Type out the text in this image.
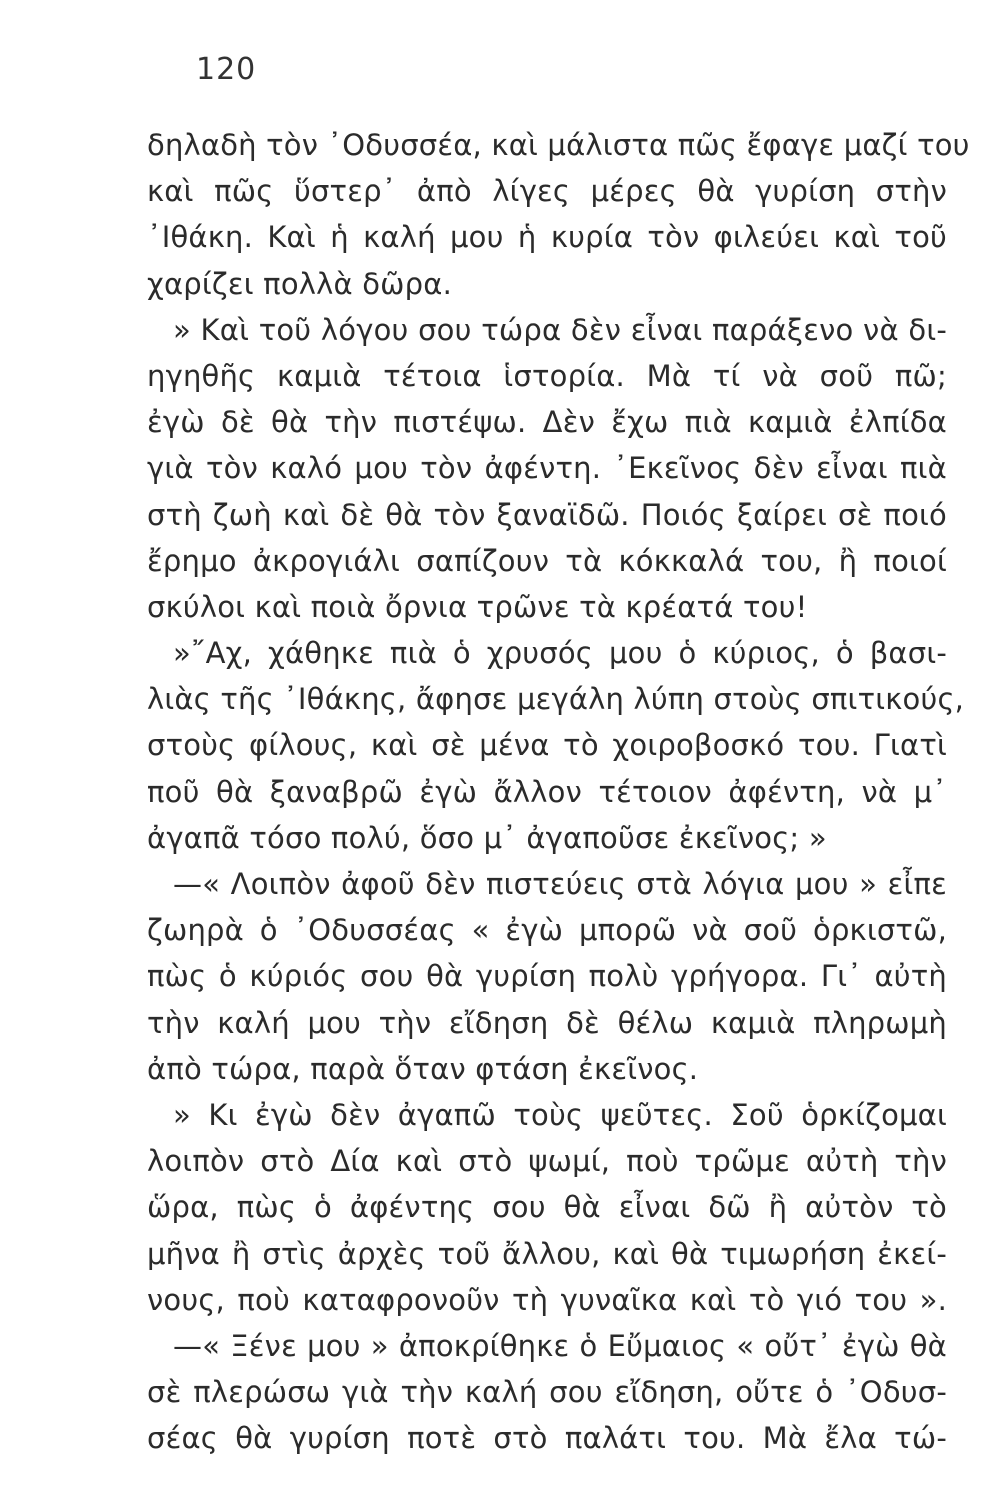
120
δηλαδὴ τὸν ᾿Οδυσσέα, καὶ μάλιστα πῶς ἔφαγε μαζί του
καὶ πῶς ὕστερ᾿ ἀπὸ λίγες μέρες θὰ γυρίση στὴν
᾿Ιθάκη. Καὶ ἡ καλή μου ἡ κυρία τὸν φιλεύει καὶ τοῦ
χαρίζει πολλὰ δῶρα.
» Καὶ τοῦ λόγου σου τώρα δὲν εἶναι παράξενο νὰ δι-
ηγηθῆς καμιὰ τέτοια ἱστορία. Μὰ τί νὰ σοῦ πῶ;
ἐγὼ δὲ θὰ τὴν πιστέψω. Δὲν ἔχω πιὰ καμιὰ ἐλπίδα
γιὰ τὸν καλό μου τὸν ἀφέντη. ᾿Εκεῖνος δὲν εἶναι πιὰ
στὴ ζωὴ καὶ δὲ θὰ τὸν ξαναϊδῶ. Ποιός ξαίρει σὲ ποιό
ἔρημο ἀκρογιάλι σαπίζουν τὰ κόκκαλά του, ἢ ποιοί
σκύλοι καὶ ποιὰ ὄρνια τρῶνε τὰ κρέατά του!
»῎Αχ, χάθηκε πιὰ ὁ χρυσός μου ὁ κύριος, ὁ βασι-
λιὰς τῆς ᾿Ιθάκης, ἄφησε μεγάλη λύπη στοὺς σπιτικούς,
στοὺς φίλους, καὶ σὲ μένα τὸ χοιροβοσκό του. Γιατὶ
ποῦ θὰ ξαναβρῶ ἐγὼ ἄλλον τέτοιον ἀφέντη, νὰ μ᾿
ἀγαπᾶ τόσο πολύ, ὅσο μ᾿ ἀγαποῦσε ἐκεῖνος; »
—« Λοιπὸν ἀφοῦ δὲν πιστεύεις στὰ λόγια μου » εἶπε
ζωηρὰ ὁ ᾿Οδυσσέας « ἐγὼ μπορῶ νὰ σοῦ ὁρκιστῶ,
πὼς ὁ κύριός σου θὰ γυρίση πολὺ γρήγορα. Γι᾿ αὐτὴ
τὴν καλή μου τὴν εἴδηση δὲ θέλω καμιὰ πληρωμὴ
ἀπὸ τώρα, παρὰ ὅταν φτάση ἐκεῖνος.
» Κι ἐγὼ δὲν ἀγαπῶ τοὺς ψεῦτες. Σοῦ ὁρκίζομαι
λοιπὸν στὸ Δία καὶ στὸ ψωμί, ποὺ τρῶμε αὐτὴ τὴν
ὥρα, πὼς ὁ ἀφέντης σου θὰ εἶναι δῶ ἢ αὐτὸν τὸ
μῆνα ἢ στὶς ἀρχὲς τοῦ ἄλλου, καὶ θὰ τιμωρήση ἐκεί-
νους, ποὺ καταφρονοῦν τὴ γυναῖκα καὶ τὸ γιό του ».
—« Ξένε μου » ἀποκρίθηκε ὁ Εὔμαιος « οὔτ᾿ ἐγὼ θὰ
σὲ πλερώσω γιὰ τὴν καλή σου εἴδηση, οὔτε ὁ ᾿Οδυσ-
σέας θὰ γυρίση ποτὲ στὸ παλάτι του. Μὰ ἔλα τώ-
